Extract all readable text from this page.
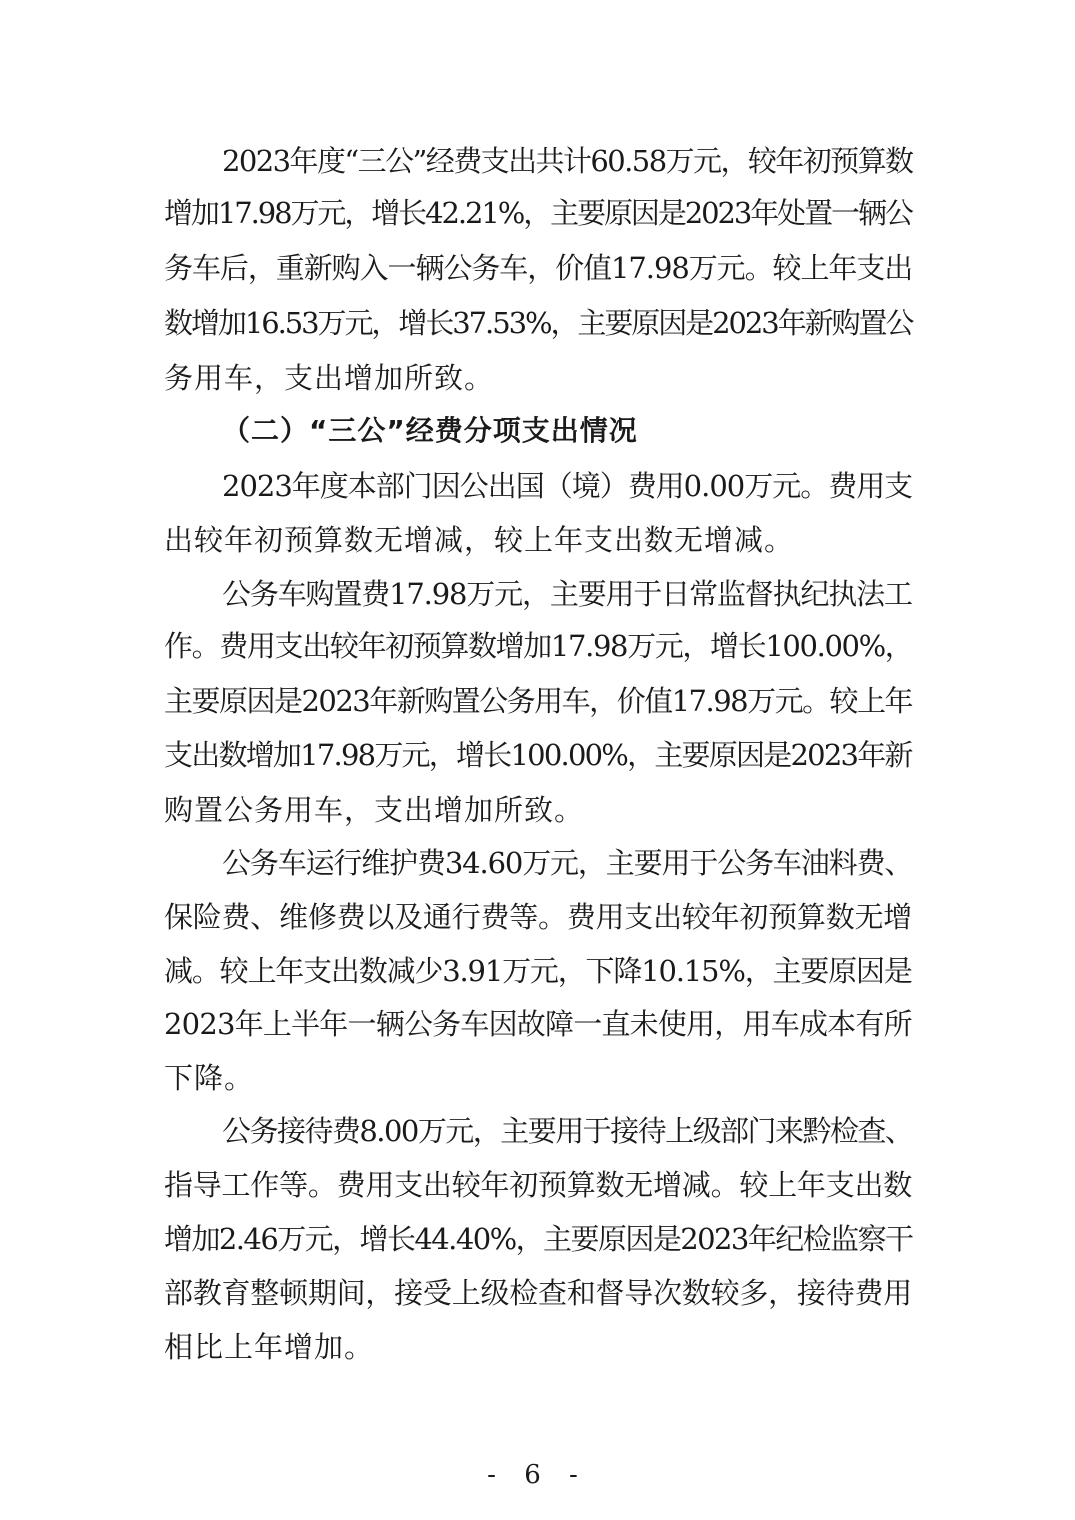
2023年度“三公”经费支出共计60.58万元，较年初预算数
增加17.98万元，增长42.21%，主要原因是2023年处置一辆公
务车后，重新购入一辆公务车，价值17.98万元。较上年支出
数增加16.53万元，增长37.53%，主要原因是2023年新购置公
务用车，支出增加所致。
（二）“三公”经费分项支出情况
2023年度本部门因公出国（境）费用0.00万元。费用支
出较年初预算数无增减，较上年支出数无增减。
公务车购置费17.98万元，主要用于日常监督执纪执法工
作。费用支出较年初预算数增加17.98万元，增长100.00%，
主要原因是2023年新购置公务用车，价值17.98万元。较上年
支出数增加17.98万元，增长100.00%，主要原因是2023年新
购置公务用车，支出增加所致。
公务车运行维护费34.60万元，主要用于公务车油料费、
保险费、维修费以及通行费等。费用支出较年初预算数无增
减。较上年支出数减少3.91万元，下降10.15%，主要原因是
2023年上半年一辆公务车因故障一直未使用，用车成本有所
下降。
公务接待费8.00万元，主要用于接待上级部门来黔检查、
指导工作等。费用支出较年初预算数无增减。较上年支出数
增加2.46万元，增长44.40%，主要原因是2023年纪检监察干
部教育整顿期间，接受上级检查和督导次数较多，接待费用
相比上年增加。
- 6 -
